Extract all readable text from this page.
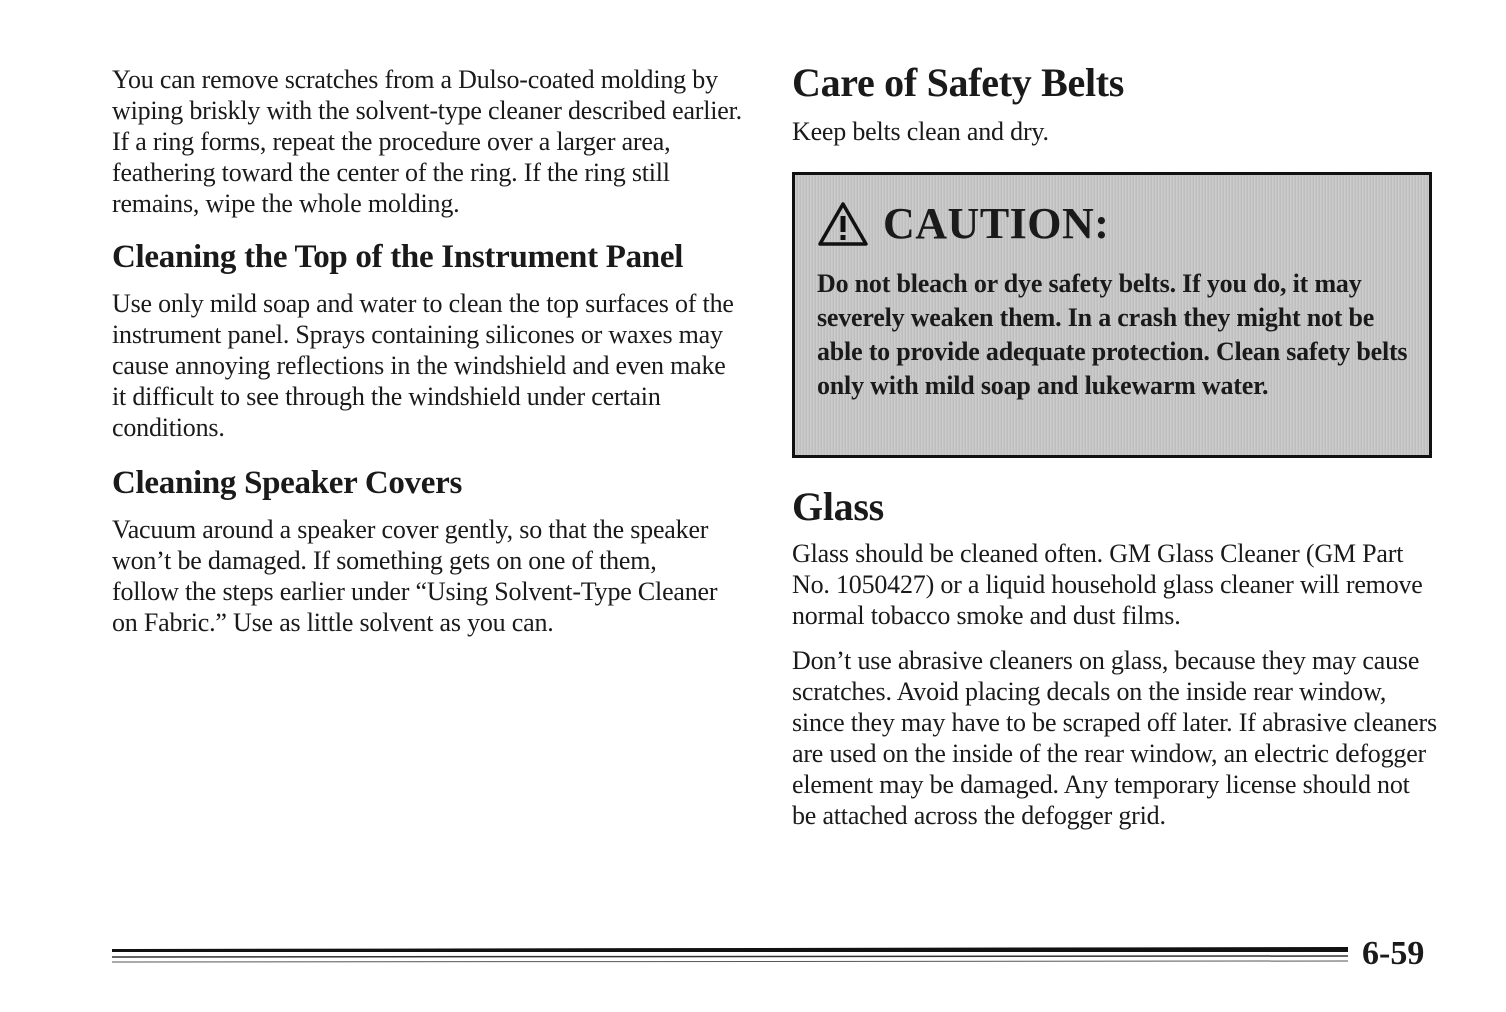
You can remove scratches from a Dulso-coated molding by wiping briskly with the solvent-type cleaner described earlier. If a ring forms, repeat the procedure over a larger area, feathering toward the center of the ring. If the ring still remains, wipe the whole molding.

Cleaning the Top of the Instrument Panel

Use only mild soap and water to clean the top surfaces of the instrument panel. Sprays containing silicones or waxes may cause annoying reflections in the windshield and even make it difficult to see through the windshield under certain conditions.

Cleaning Speaker Covers

Vacuum around a speaker cover gently, so that the speaker won’t be damaged. If something gets on one of them, follow the steps earlier under “Using Solvent-Type Cleaner on Fabric.” Use as little solvent as you can.

Care of Safety Belts

Keep belts clean and dry.

Glass

Glass should be cleaned often. GM Glass Cleaner (GM Part No. 1050427) or a liquid household glass cleaner will remove normal tobacco smoke and dust films.

Don’t use abrasive cleaners on glass, because they may cause scratches. Avoid placing decals on the inside rear window, since they may have to be scraped off later. If abrasive cleaners are used on the inside of the rear window, an electric defogger element may be damaged. Any temporary license should not be attached across the defogger grid.

CAUTION:

Do not bleach or dye safety belts. If you do, it may severely weaken them. In a crash they might not be able to provide adequate protection. Clean safety belts only with mild soap and lukewarm water.

6-59
